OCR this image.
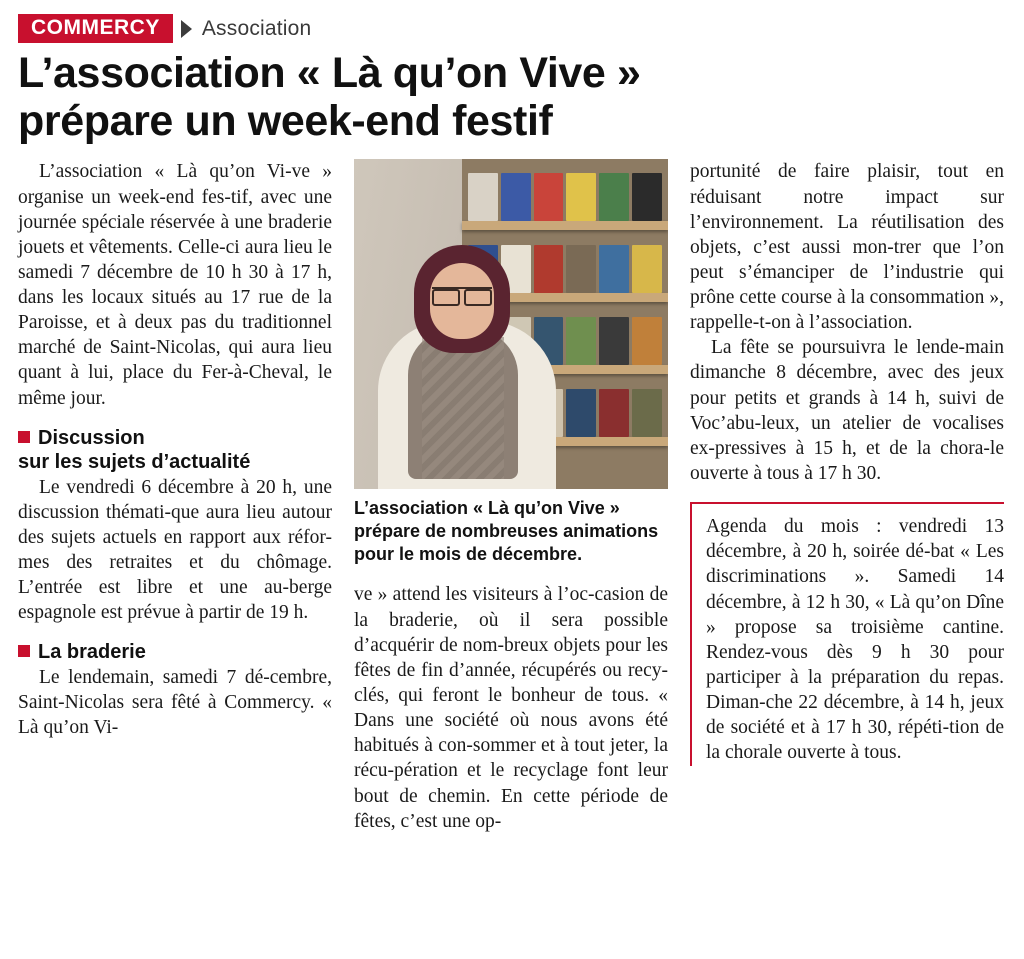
COMMERCY	Association
L’association « Là qu’on Vive »
prépare un week-end festif

L’association « Là qu’on Vi-ve » organise un week-end fes-tif, avec une journée spéciale réservée à une braderie jouets et vêtements. Celle-ci aura lieu le samedi 7 décembre de 10 h 30 à 17 h, dans les locaux situés au 17 rue de la Paroisse, et à deux pas du traditionnel marché de Saint-Nicolas, qui aura lieu quant à lui, place du Fer-à-Cheval, le même jour.

Discussion
sur les sujets d’actualité

Le vendredi 6 décembre à 20 h, une discussion thémati-que aura lieu autour des sujets actuels en rapport aux réfor-mes des retraites et du chômage. L’entrée est libre et une au-berge espagnole est prévue à partir de 19 h.

La braderie

Le lendemain, samedi 7 dé-cembre, Saint-Nicolas sera fêté à Commercy. « Là qu’on Vi-

L’association « Là qu’on Vive » prépare de nombreuses animations pour le mois de décembre.

ve » attend les visiteurs à l’oc-casion de la braderie, où il sera possible d’acquérir de nom-breux objets pour les fêtes de fin d’année, récupérés ou recy-clés, qui feront le bonheur de tous. « Dans une société où nous avons été habitués à con-sommer et à tout jeter, la récu-pération et le recyclage font leur bout de chemin. En cette période de fêtes, c’est une op-

portunité de faire plaisir, tout en réduisant notre impact sur l’environnement. La réutilisation des objets, c’est aussi mon-trer que l’on peut s’émanciper de l’industrie qui prône cette course à la consommation », rappelle-t-on à l’association.

La fête se poursuivra le lende-main dimanche 8 décembre, avec des jeux pour petits et grands à 14 h, suivi de Voc’abu-leux, un atelier de vocalises ex-pressives à 15 h, et de la chora-le ouverte à tous à 17 h 30.

Agenda du mois : vendredi 13 décembre, à 20 h, soirée dé-bat « Les discriminations ». Samedi 14 décembre, à 12 h 30, « Là qu’on Dîne » propose sa troisième cantine. Rendez-vous dès 9 h 30 pour participer à la préparation du repas. Diman-che 22 décembre, à 14 h, jeux de société et à 17 h 30, répéti-tion de la chorale ouverte à tous.
